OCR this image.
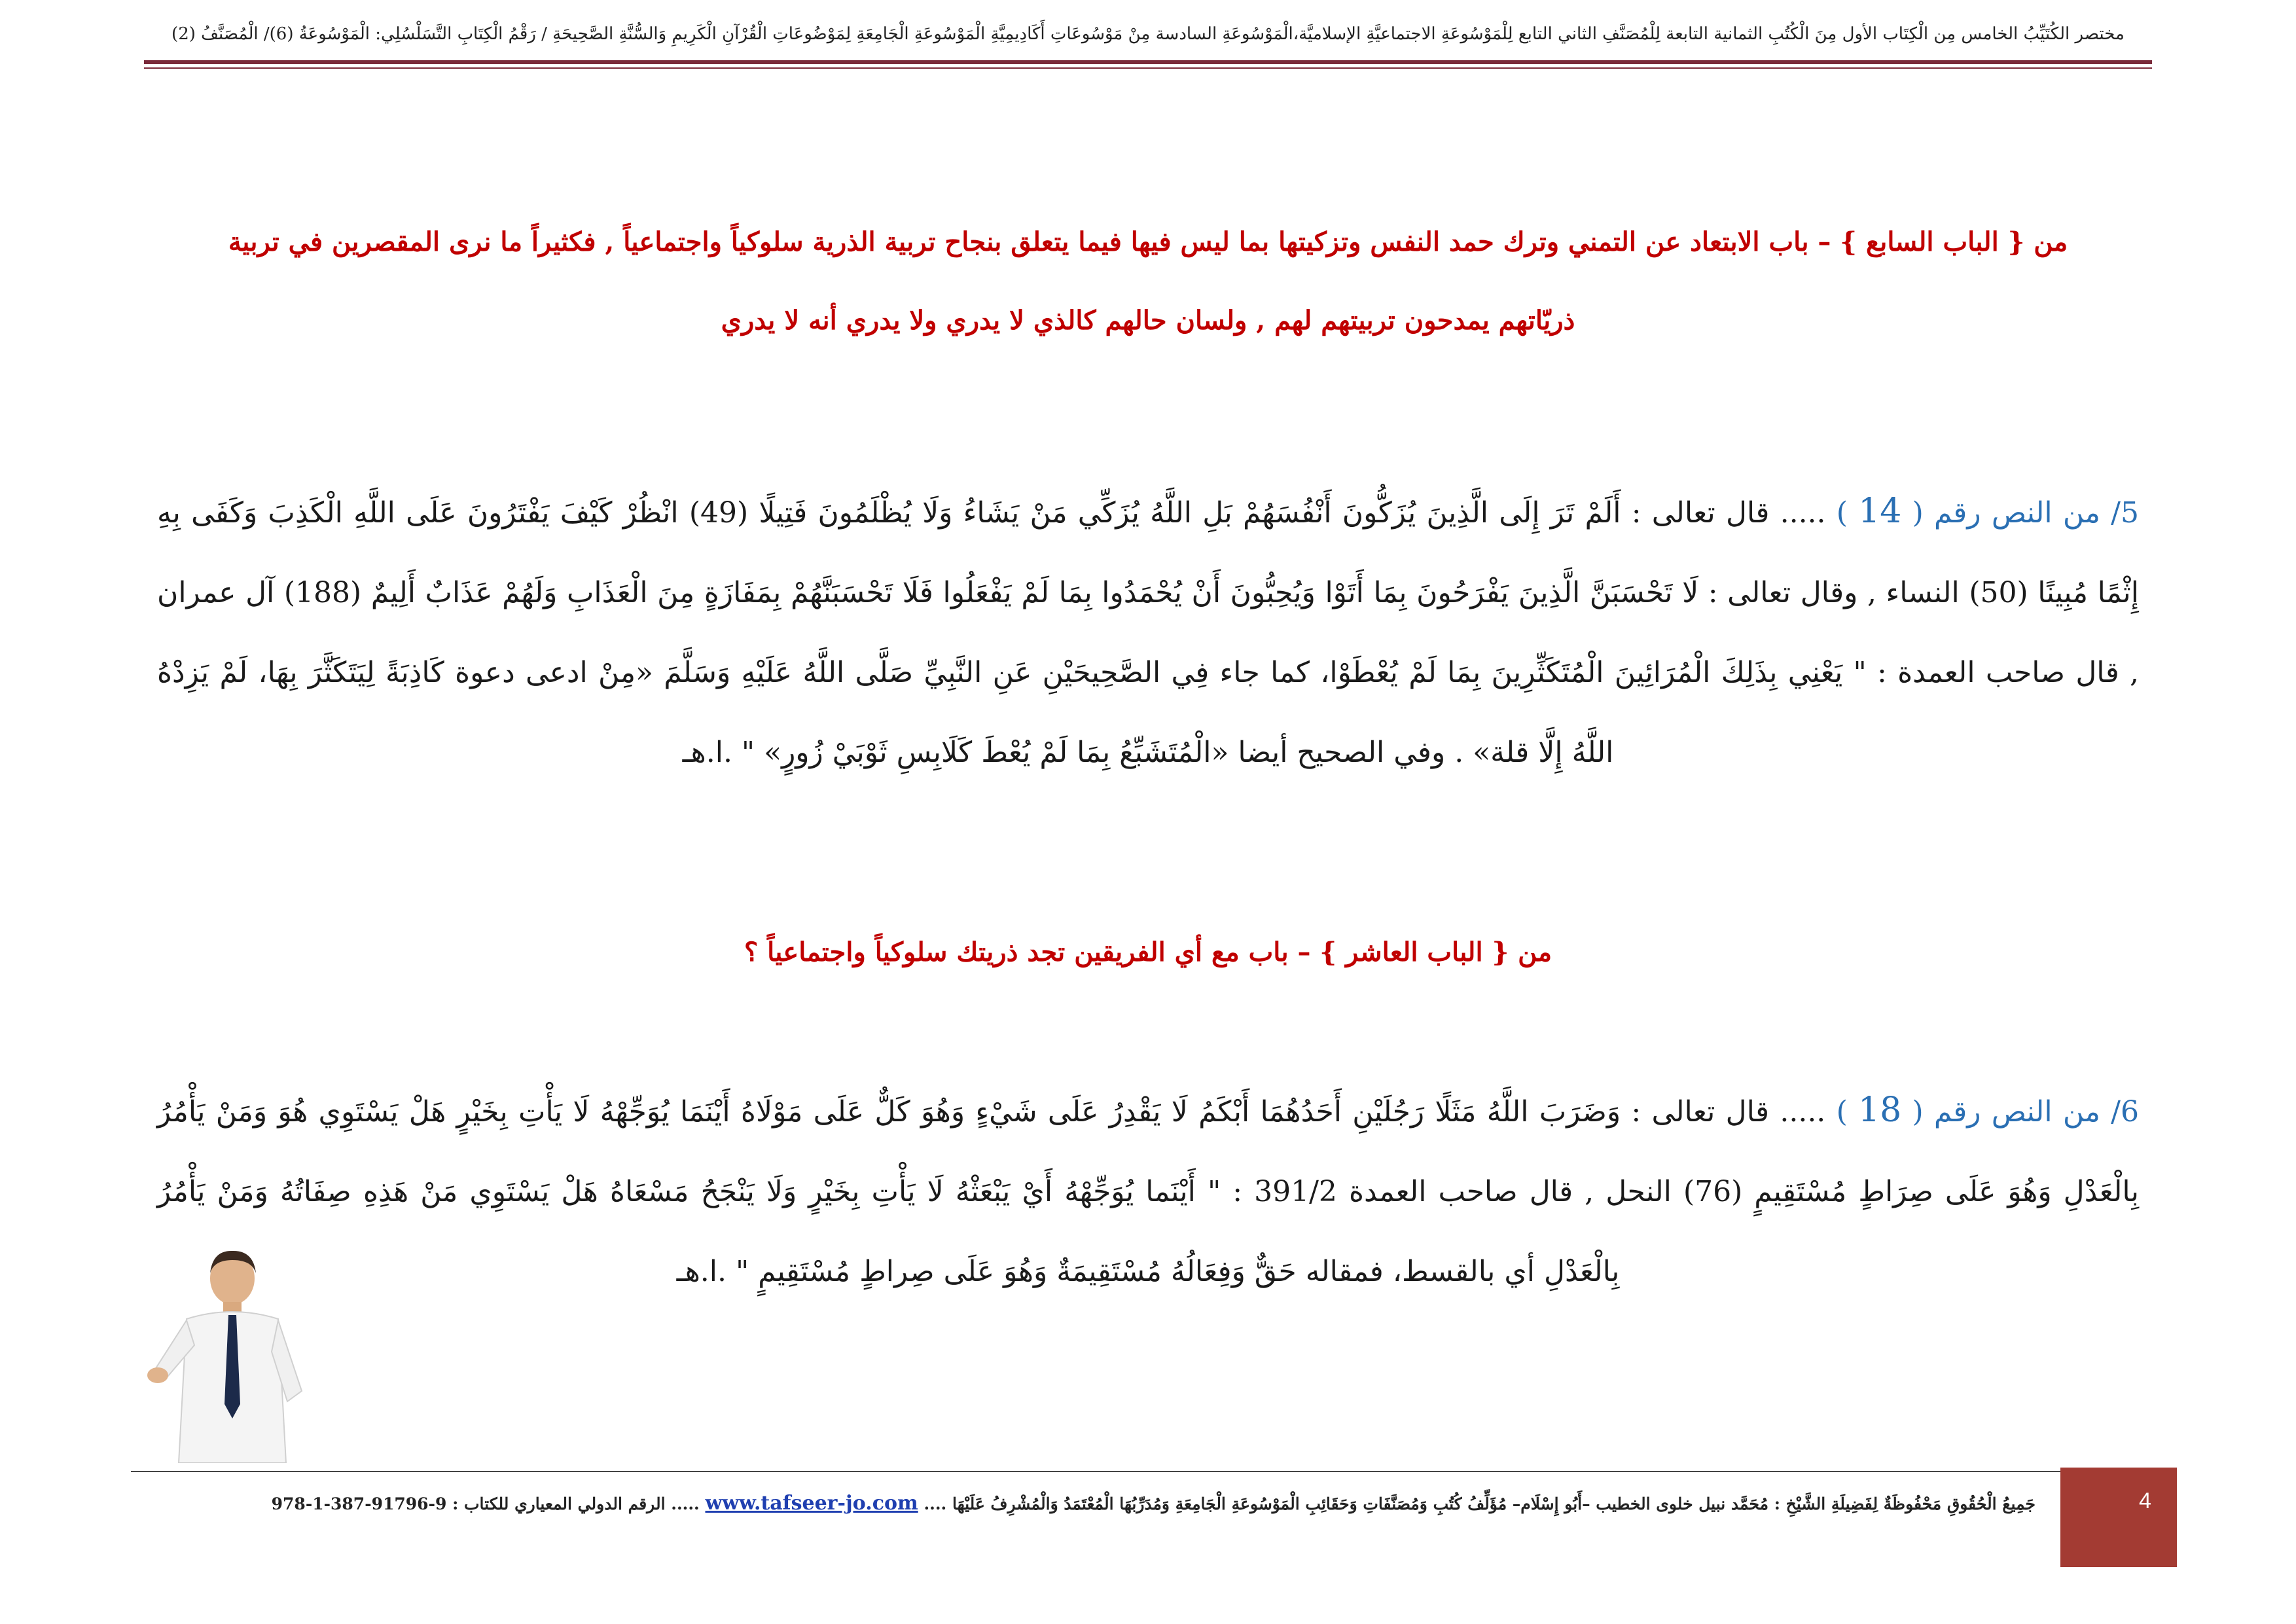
مختصر الكُتَيِّبُ الخامس مِن الْكِتَاب الأول مِنَ الْكُتُبِ الثمانية التابعة لِلْمُصَنَّفِ الثاني التابع لِلْمَوْسُوعَةِ الاجتماعيَّةِ الإسلاميَّة،الْمَوْسُوعَةِ السادسة مِنْ مَوْسُوعَاتِ أَكَادِيمِيَّةِ الْمَوْسُوعَةِ الْجَامِعَةِ لِمَوْضُوعَاتِ الْقُرْآنِ الْكَرِيمِ وَالسُّنَّةِ الصَّحِيحَةِ / رَقْمُ الْكِتَابِ التَّسَلْسُلِي: الْمَوْسُوعَةُ (6)/ الْمُصَنَّفُ (2)
من { الباب السابع } – باب الابتعاد عن التمني وترك حمد النفس وتزكيتها بما ليس فيها فيما يتعلق بنجاح تربية الذرية سلوكياً واجتماعياً , فكثيراً ما نرى المقصرين في تربية
ذريّاتهم يمدحون تربيتهم لهم , ولسان حالهم كالذي لا يدري ولا يدري أنه لا يدري
5/ من النص رقم ( 14 ) ..... قال تعالى : أَلَمْ تَرَ إِلَى الَّذِينَ يُزَكُّونَ أَنْفُسَهُمْ بَلِ اللَّهُ يُزَكِّي مَنْ يَشَاءُ وَلَا يُظْلَمُونَ فَتِيلًا (49) انْظُرْ كَيْفَ يَفْتَرُونَ عَلَى اللَّهِ الْكَذِبَ وَكَفَى بِهِ إِثْمًا مُبِينًا (50) النساء , وقال تعالى : لَا تَحْسَبَنَّ الَّذِينَ يَفْرَحُونَ بِمَا أَتَوْا وَيُحِبُّونَ أَنْ يُحْمَدُوا بِمَا لَمْ يَفْعَلُوا فَلَا تَحْسَبَنَّهُمْ بِمَفَازَةٍ مِنَ الْعَذَابِ وَلَهُمْ عَذَابٌ أَلِيمٌ (188) آل عمران , قال صاحب العمدة : " يَعْنِي بِذَلِكَ الْمُرَائِينَ الْمُتَكَثِّرِينَ بِمَا لَمْ يُعْطَوْا، كما جاء فِي الصَّحِيحَيْنِ عَنِ النَّبِيِّ صَلَّى اللَّهُ عَلَيْهِ وَسَلَّمَ «مِنْ ادعى دعوة كَاذِبَةً لِيَتَكَثَّرَ بِهَا، لَمْ يَزِدْهُ اللَّهُ إِلَّا قلة» . وفي الصحيح أيضا «الْمُتَشَبِّعُ بِمَا لَمْ يُعْطَ كَلَابِسِ ثَوْبَيْ زُورٍ» " .ا.هـ
من { الباب العاشر } – باب مع أي الفريقين تجد ذريتك سلوكياً واجتماعياً ؟
6/ من النص رقم ( 18 ) ..... قال تعالى : وَضَرَبَ اللَّهُ مَثَلًا رَجُلَيْنِ أَحَدُهُمَا أَبْكَمُ لَا يَقْدِرُ عَلَى شَيْءٍ وَهُوَ كَلٌّ عَلَى مَوْلَاهُ أَيْنَمَا يُوَجِّهْهُ لَا يَأْتِ بِخَيْرٍ هَلْ يَسْتَوِي هُوَ وَمَنْ يَأْمُرُ بِالْعَدْلِ وَهُوَ عَلَى صِرَاطٍ مُسْتَقِيمٍ (76) النحل , قال صاحب العمدة 391/2 : " أَيْنَما يُوَجِّهْهُ أَيْ يَبْعَثْهُ لَا يَأْتِ بِخَيْرٍ وَلَا يَنْجَحُ مَسْعَاهُ هَلْ يَسْتَوِي مَنْ هَذِهِ صِفَاتُهُ وَمَنْ يَأْمُرُ بِالْعَدْلِ أي بالقسط، فمقاله حَقٌّ وَفِعَالُهُ مُسْتَقِيمَةٌ وَهُوَ عَلَى صِراطٍ مُسْتَقِيمٍ " .ا.هـ
جَمِيعُ الْحُقُوقِ مَحْفُوظَةٌ لِفَضِيلَةِ الشَّيْخِ : مُحَمَّد نبيل خلوى الخطيب –أَبُو إِسْلَام– مُؤَلِّفُ كُتُبِ وَمُصَنَّفَاتِ وَحَقَائِبِ الْمَوْسُوعَةِ الْجَامِعَةِ وَمُدَرِّبُهَا الْمُعْتَمَدُ وَالْمُشْرِفُ عَلَيْهَا .... www.tafseer-jo.com ..... الرقم الدولي المعياري للكتاب : 9-91796-387-1-978	4
